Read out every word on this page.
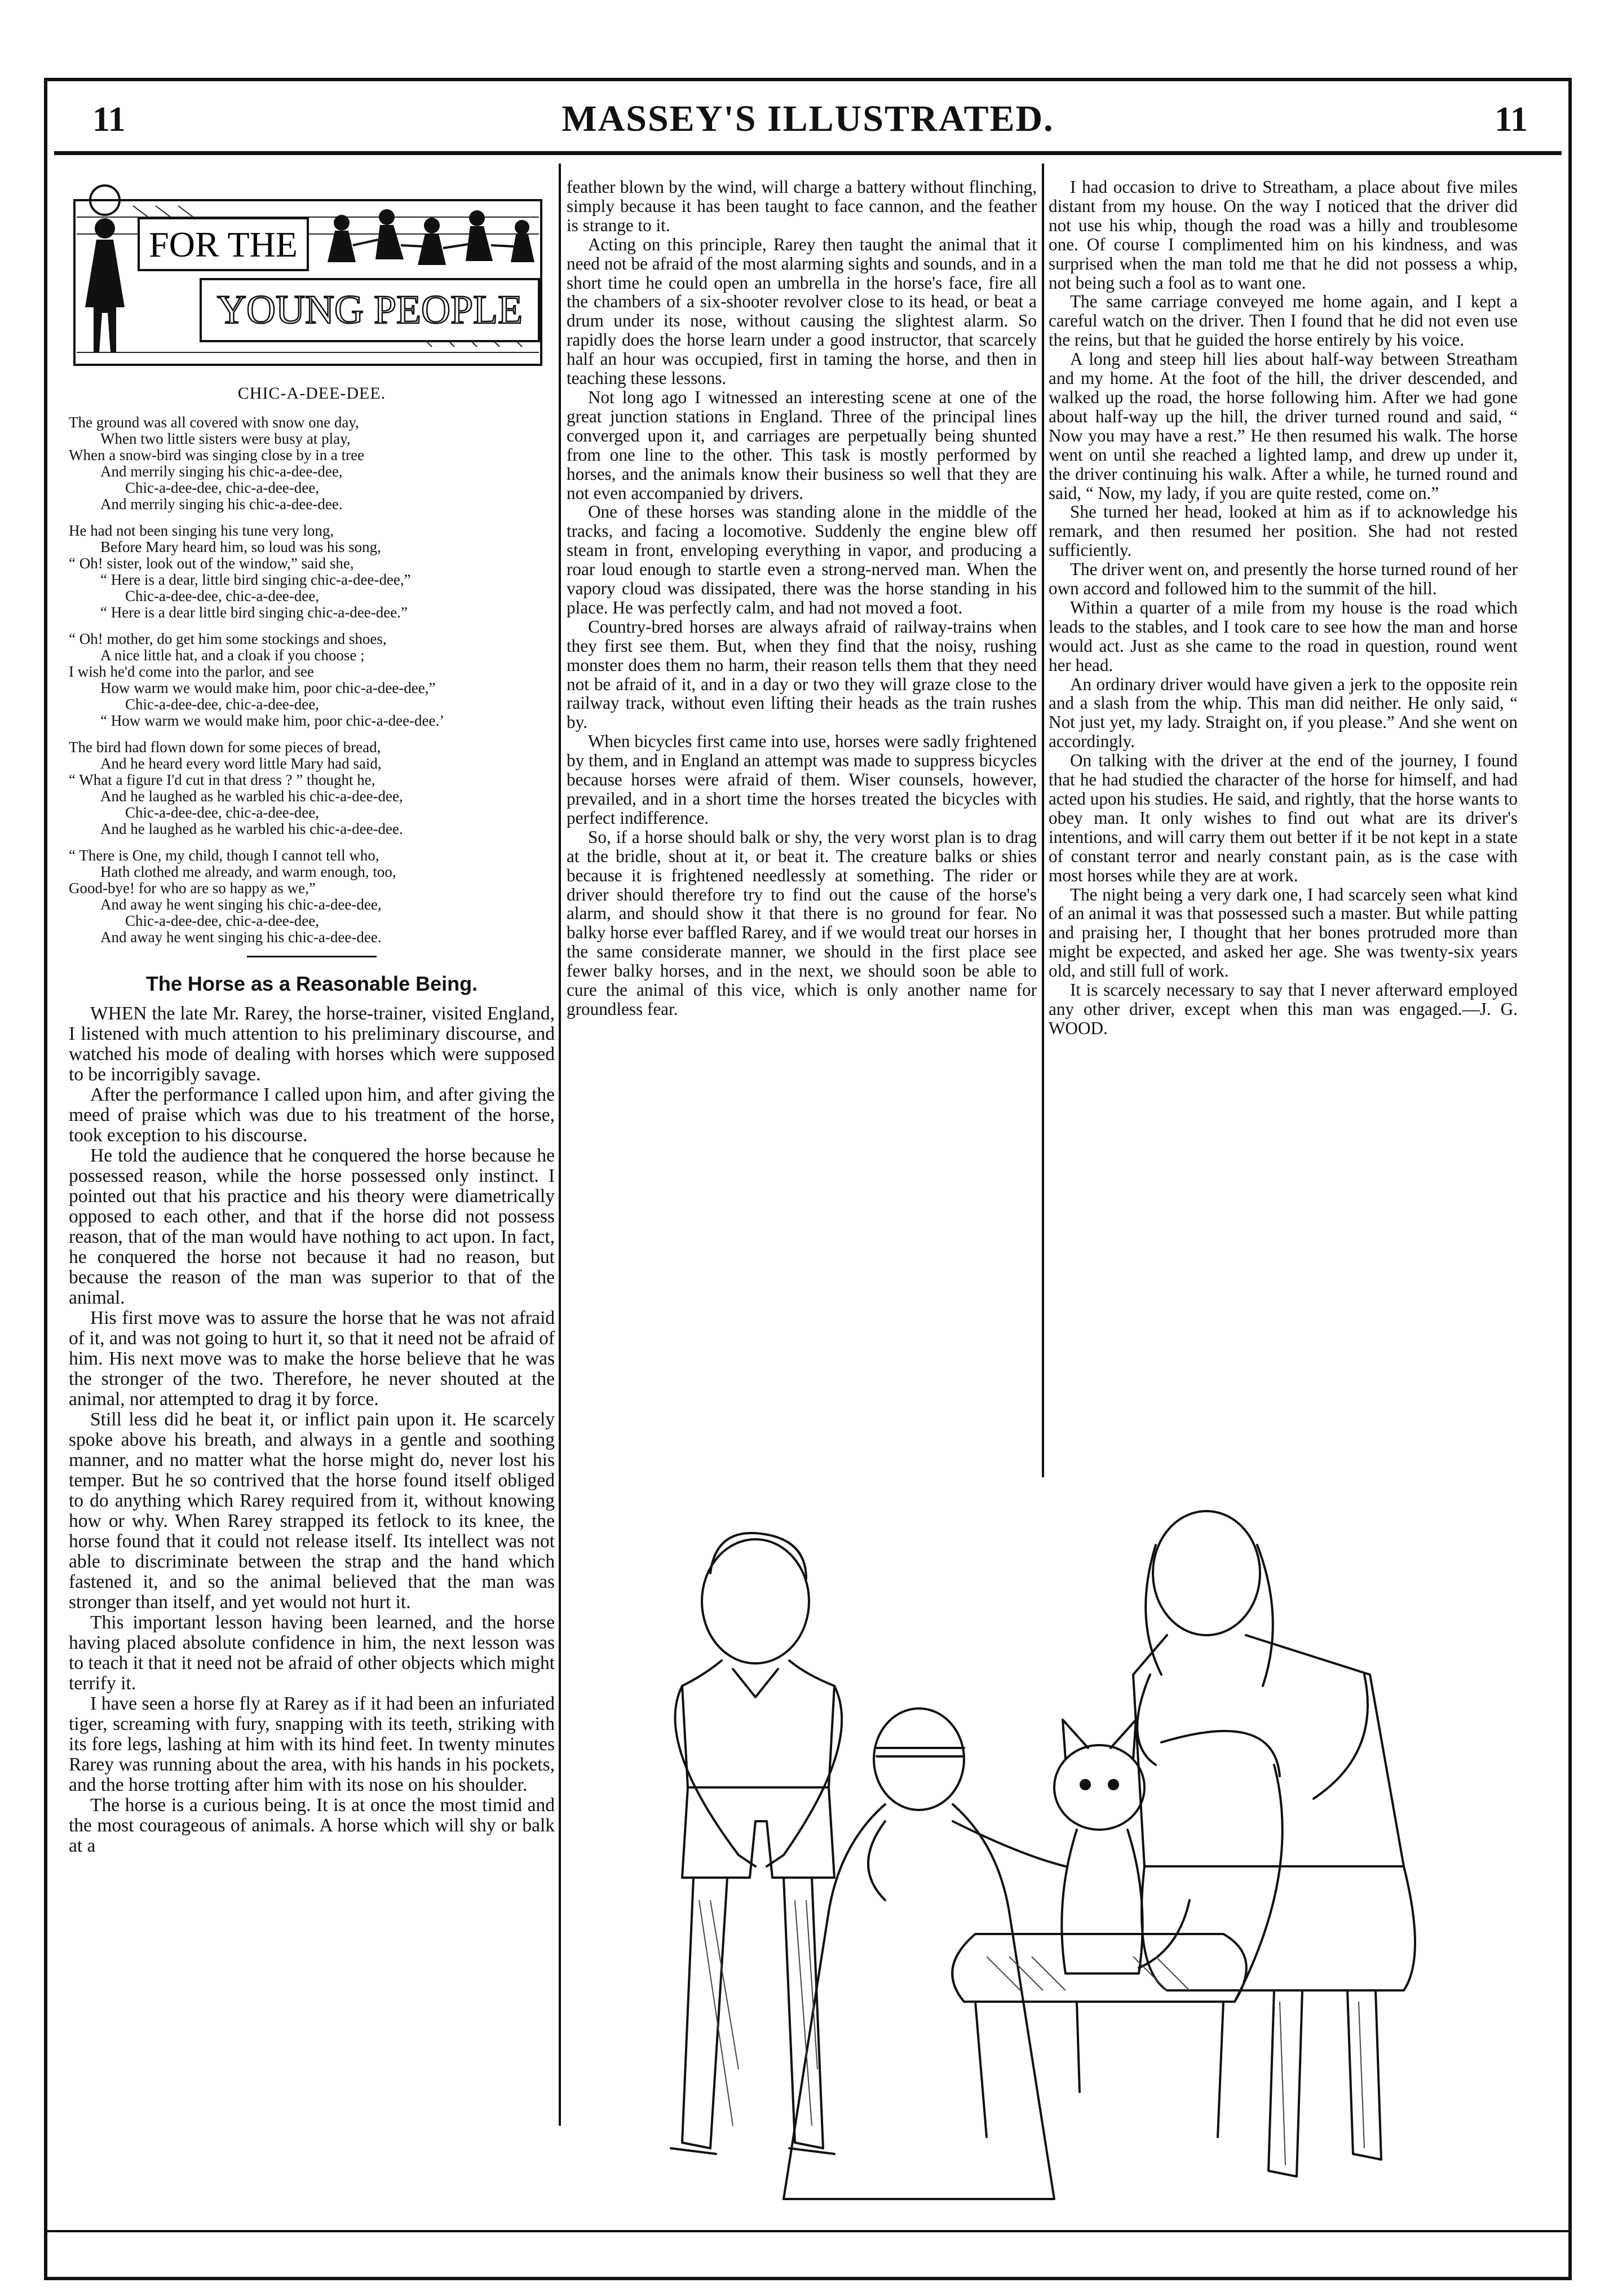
11	MASSEY'S ILLUSTRATED.	11
FOR THE
YOUNG PEOPLE
CHIC-A-DEE-DEE.
The ground was all covered with snow one day,
When two little sisters were busy at play,
When a snow-bird was singing close by in a tree
And merrily singing his chic-a-dee-dee,
Chic-a-dee-dee, chic-a-dee-dee,
And merrily singing his chic-a-dee-dee.
He had not been singing his tune very long,
Before Mary heard him, so loud was his song,
“ Oh! sister, look out of the window,” said she,
“ Here is a dear, little bird singing chic-a-dee-dee,”
Chic-a-dee-dee, chic-a-dee-dee,
“ Here is a dear little bird singing chic-a-dee-dee.”
“ Oh! mother, do get him some stockings and shoes,
A nice little hat, and a cloak if you choose ;
I wish he'd come into the parlor, and see
How warm we would make him, poor chic-a-dee-dee,”
Chic-a-dee-dee, chic-a-dee-dee,
“ How warm we would make him, poor chic-a-dee-dee.’
The bird had flown down for some pieces of bread,
And he heard every word little Mary had said,
“ What a figure I'd cut in that dress ? ” thought he,
And he laughed as he warbled his chic-a-dee-dee,
Chic-a-dee-dee, chic-a-dee-dee,
And he laughed as he warbled his chic-a-dee-dee.
“ There is One, my child, though I cannot tell who,
Hath clothed me already, and warm enough, too,
Good-bye! for who are so happy as we,”
And away he went singing his chic-a-dee-dee,
Chic-a-dee-dee, chic-a-dee-dee,
And away he went singing his chic-a-dee-dee.
The Horse as a Reasonable Being.

WHEN the late Mr. Rarey, the horse-trainer, visited England, I listened with much attention to his preliminary discourse, and watched his mode of dealing with horses which were supposed to be incorrigibly savage.

After the performance I called upon him, and after giving the meed of praise which was due to his treatment of the horse, took exception to his discourse.

He told the audience that he conquered the horse because he possessed reason, while the horse possessed only instinct. I pointed out that his practice and his theory were diametrically opposed to each other, and that if the horse did not possess reason, that of the man would have nothing to act upon. In fact, he conquered the horse not because it had no reason, but because the reason of the man was superior to that of the animal.

His first move was to assure the horse that he was not afraid of it, and was not going to hurt it, so that it need not be afraid of him. His next move was to make the horse believe that he was the stronger of the two. Therefore, he never shouted at the animal, nor attempted to drag it by force.

Still less did he beat it, or inflict pain upon it. He scarcely spoke above his breath, and always in a gentle and soothing manner, and no matter what the horse might do, never lost his temper. But he so contrived that the horse found itself obliged to do anything which Rarey required from it, without knowing how or why. When Rarey strapped its fetlock to its knee, the horse found that it could not release itself. Its intellect was not able to discriminate between the strap and the hand which fastened it, and so the animal believed that the man was stronger than itself, and yet would not hurt it.

This important lesson having been learned, and the horse having placed absolute confidence in him, the next lesson was to teach it that it need not be afraid of other objects which might terrify it.

I have seen a horse fly at Rarey as if it had been an infuriated tiger, screaming with fury, snapping with its teeth, striking with its fore legs, lashing at him with its hind feet. In twenty minutes Rarey was running about the area, with his hands in his pockets, and the horse trotting after him with its nose on his shoulder.

The horse is a curious being. It is at once the most timid and the most courageous of animals. A horse which will shy or balk at a

feather blown by the wind, will charge a battery without flinching, simply because it has been taught to face cannon, and the feather is strange to it.

Acting on this principle, Rarey then taught the animal that it need not be afraid of the most alarming sights and sounds, and in a short time he could open an umbrella in the horse's face, fire all the chambers of a six-shooter revolver close to its head, or beat a drum under its nose, without causing the slightest alarm. So rapidly does the horse learn under a good instructor, that scarcely half an hour was occupied, first in taming the horse, and then in teaching these lessons.

Not long ago I witnessed an interesting scene at one of the great junction stations in England. Three of the principal lines converged upon it, and carriages are perpetually being shunted from one line to the other. This task is mostly performed by horses, and the animals know their business so well that they are not even accompanied by drivers.

One of these horses was standing alone in the middle of the tracks, and facing a locomotive. Suddenly the engine blew off steam in front, enveloping everything in vapor, and producing a roar loud enough to startle even a strong-nerved man. When the vapory cloud was dissipated, there was the horse standing in his place. He was perfectly calm, and had not moved a foot.

Country-bred horses are always afraid of railway-trains when they first see them. But, when they find that the noisy, rushing monster does them no harm, their reason tells them that they need not be afraid of it, and in a day or two they will graze close to the railway track, without even lifting their heads as the train rushes by.

When bicycles first came into use, horses were sadly frightened by them, and in England an attempt was made to suppress bicycles because horses were afraid of them. Wiser counsels, however, prevailed, and in a short time the horses treated the bicycles with perfect indifference.

So, if a horse should balk or shy, the very worst plan is to drag at the bridle, shout at it, or beat it. The creature balks or shies because it is frightened needlessly at something. The rider or driver should therefore try to find out the cause of the horse's alarm, and should show it that there is no ground for fear. No balky horse ever baffled Rarey, and if we would treat our horses in the same considerate manner, we should in the first place see fewer balky horses, and in the next, we should soon be able to cure the animal of this vice, which is only another name for groundless fear.

I had occasion to drive to Streatham, a place about five miles distant from my house. On the way I noticed that the driver did not use his whip, though the road was a hilly and troublesome one. Of course I complimented him on his kindness, and was surprised when the man told me that he did not possess a whip, not being such a fool as to want one.

The same carriage conveyed me home again, and I kept a careful watch on the driver. Then I found that he did not even use the reins, but that he guided the horse entirely by his voice.

A long and steep hill lies about half-way between Streatham and my home. At the foot of the hill, the driver descended, and walked up the road, the horse following him. After we had gone about half-way up the hill, the driver turned round and said, “ Now you may have a rest.” He then resumed his walk. The horse went on until she reached a lighted lamp, and drew up under it, the driver continuing his walk. After a while, he turned round and said, “ Now, my lady, if you are quite rested, come on.”

She turned her head, looked at him as if to acknowledge his remark, and then resumed her position. She had not rested sufficiently.

The driver went on, and presently the horse turned round of her own accord and followed him to the summit of the hill.

Within a quarter of a mile from my house is the road which leads to the stables, and I took care to see how the man and horse would act. Just as she came to the road in question, round went her head.

An ordinary driver would have given a jerk to the opposite rein and a slash from the whip. This man did neither. He only said, “ Not just yet, my lady. Straight on, if you please.” And she went on accordingly.

On talking with the driver at the end of the journey, I found that he had studied the character of the horse for himself, and had acted upon his studies. He said, and rightly, that the horse wants to obey man. It only wishes to find out what are its driver's intentions, and will carry them out better if it be not kept in a state of constant terror and nearly constant pain, as is the case with most horses while they are at work.

The night being a very dark one, I had scarcely seen what kind of an animal it was that possessed such a master. But while patting and praising her, I thought that her bones protruded more than might be expected, and asked her age. She was twenty-six years old, and still full of work.

It is scarcely necessary to say that I never afterward employed any other driver, except when this man was engaged.—J. G. WOOD.
